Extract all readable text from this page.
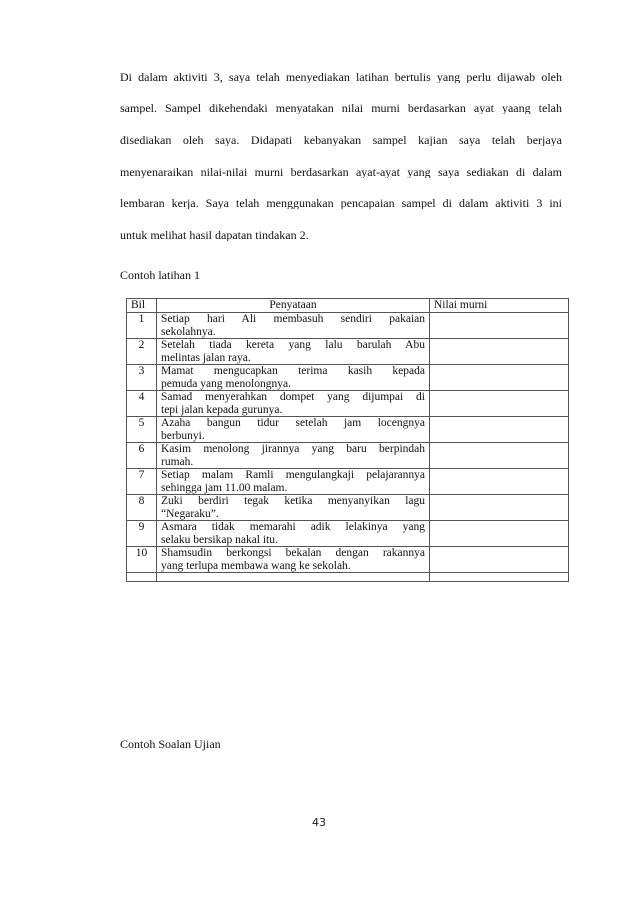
Di dalam aktiviti 3, saya telah menyediakan latihan bertulis yang perlu dijawab oleh
sampel. Sampel dikehendaki menyatakan nilai murni berdasarkan ayat yaang telah
disediakan oleh saya. Didapati kebanyakan sampel kajian saya telah berjaya
menyenaraikan nilai-nilai murni berdasarkan ayat-ayat yang saya sediakan di dalam
lembaran kerja. Saya telah menggunakan pencapaian sampel di dalam aktiviti 3 ini
untuk melihat hasil dapatan tindakan 2.
Contoh latihan 1
Bil	Penyataan	Nilai murni
1	Setiap hari Ali membasuh sendiri pakaian
sekolahnya.	

2	Setelah tiada kereta yang lalu barulah Abu
melintas jalan raya.	

3	Mamat mengucapkan terima kasih kepada
pemuda yang menolongnya.	

4	Samad menyerahkan dompet yang dijumpai di
tepi jalan kepada gurunya.	

5	Azaha bangun tidur setelah jam locengnya
berbunyi.	

6	Kasim menolong jirannya yang baru berpindah
rumah.	

7	Setiap malam Ramli mengulangkaji pelajarannya
sehingga jam 11.00 malam.	

8	Zuki berdiri tegak ketika menyanyikan lagu
“Negaraku”.	

9	Asmara tidak memarahi adik lelakinya yang
selaku bersikap nakal itu.	

10	Shamsudin berkongsi bekalan dengan rakannya
yang terlupa membawa wang ke sekolah.	

Contoh Soalan Ujian
43
